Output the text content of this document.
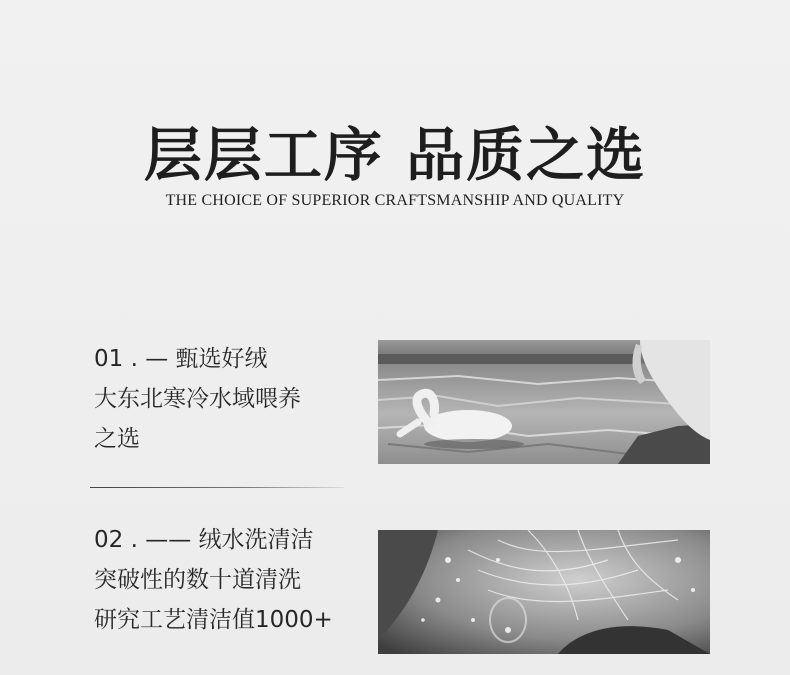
层层工序 品质之选
THE CHOICE OF SUPERIOR CRAFTSMANSHIP AND QUALITY
01 . — 甄选好绒
大东北寒冷水域喂养
之选
02 . —— 绒水洗清洁
突破性的数十道清洗
研究工艺清洁值1000+
